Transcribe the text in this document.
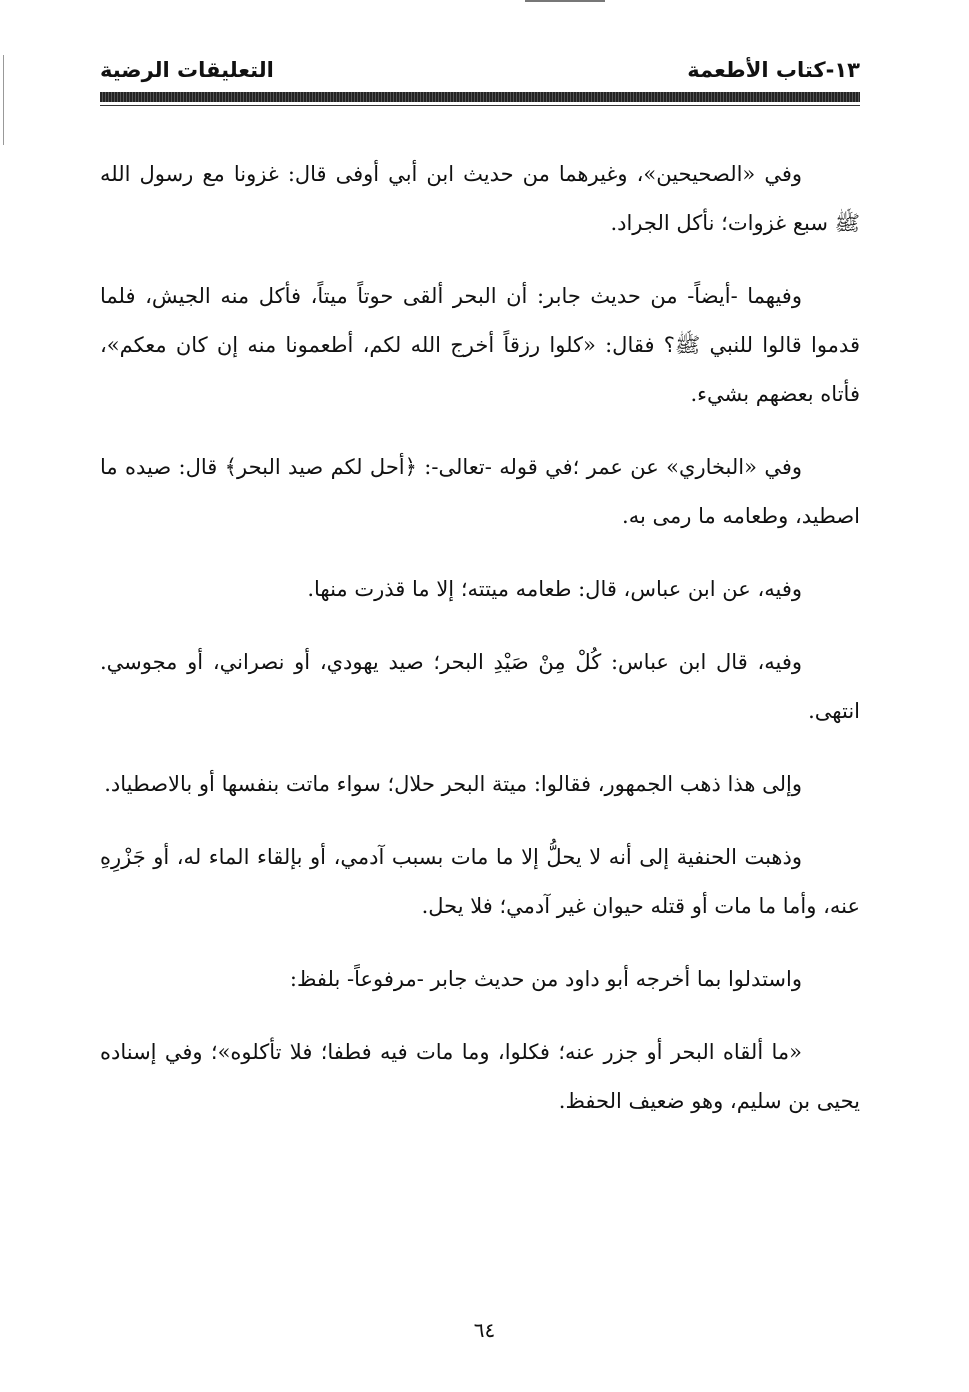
١٣-كتاب الأطعمة
التعليقات الرضية

وفي «الصحيحين»، وغيرهما من حديث ابن أبي أوفى قال: غزونا مع رسول الله ﷺ سبع غزوات؛ نأكل الجراد.

وفيهما -أيضاً- من حديث جابر: أن البحر ألقى حوتاً ميتاً، فأكل منه الجيش، فلما قدموا قالوا للنبي ﷺ؟ فقال: «كلوا رزقاً أخرج الله لكم، أطعمونا منه إن كان معكم»، فأتاه بعضهم بشيء.

وفي «البخاري» عن عمر ؛في قوله -تعالى-: ﴿أحل لكم صيد البحر﴾ قال: صيده ما اصطيد، وطعامه ما رمى به.

وفيه، عن ابن عباس، قال: طعامه ميتته؛ إلا ما قذرت منها.

وفيه، قال ابن عباس: كُلْ مِنْ صَيْدِ البحر؛ صيد يهودي، أو نصراني، أو مجوسي. انتهى.

وإلى هذا ذهب الجمهور، فقالوا: ميتة البحر حلال؛ سواء ماتت بنفسها أو بالاصطياد.

وذهبت الحنفية إلى أنه لا يحلُّ إلا ما مات بسبب آدمي، أو بإلقاء الماء له، أو جَزْرِهِ عنه، وأما ما مات أو قتله حيوان غير آدمي؛ فلا يحل.

واستدلوا بما أخرجه أبو داود من حديث جابر -مرفوعاً- بلفظ:

«ما ألقاه البحر أو جزر عنه؛ فكلوا، وما مات فيه فطفا؛ فلا تأكلوه»؛ وفي إسناده يحيى بن سليم، وهو ضعيف الحفظ.

٦٤
